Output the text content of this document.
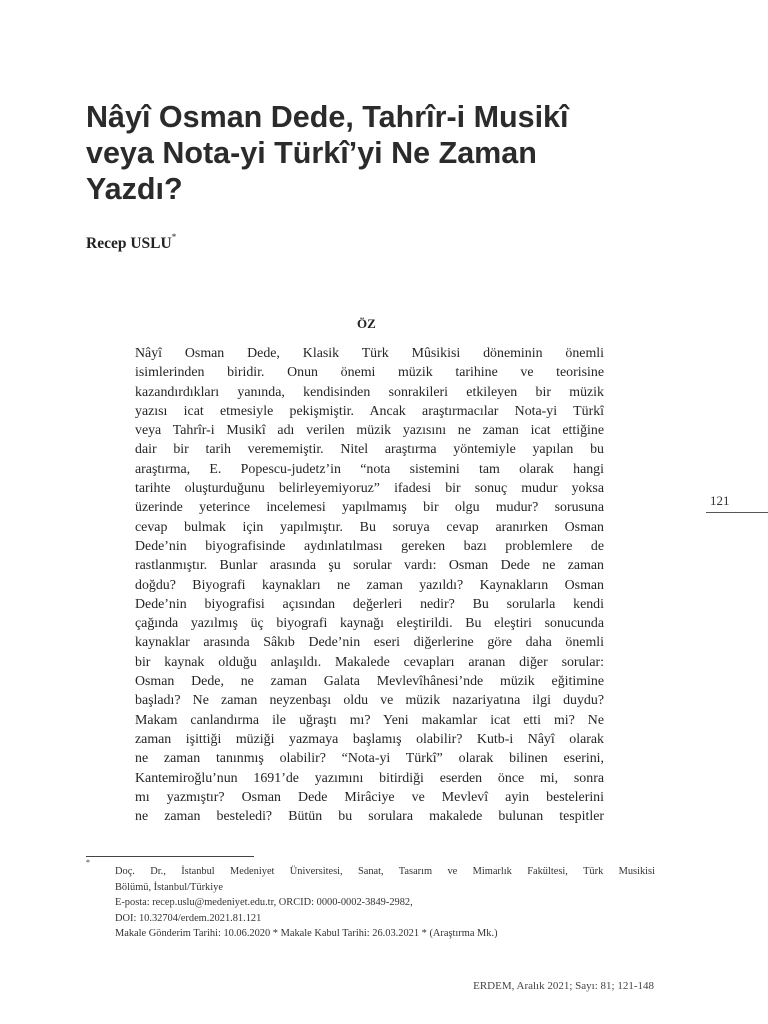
Nâyî Osman Dede, Tahrîr-i Musikî
veya Nota-yi Türkî’yi Ne Zaman
Yazdı?
Recep USLU*
ÖZ
Nâyî Osman Dede, Klasik Türk Mûsikisi döneminin önemli
isimlerinden biridir. Onun önemi müzik tarihine ve teorisine
kazandırdıkları yanında, kendisinden sonrakileri etkileyen bir müzik
yazısı icat etmesiyle pekişmiştir. Ancak araştırmacılar Nota-yi Türkî
veya Tahrîr-i Musikî adı verilen müzik yazısını ne zaman icat ettiğine
dair bir tarih verememiştir. Nitel araştırma yöntemiyle yapılan bu
araştırma, E. Popescu-judetz’in “nota sistemini tam olarak hangi
tarihte oluşturduğunu belirleyemiyoruz” ifadesi bir sonuç mudur yoksa
üzerinde yeterince incelemesi yapılmamış bir olgu mudur? sorusuna
cevap bulmak için yapılmıştır. Bu soruya cevap aranırken Osman
Dede’nin biyografisinde aydınlatılması gereken bazı problemlere de
rastlanmıştır. Bunlar arasında şu sorular vardı: Osman Dede ne zaman
doğdu? Biyografi kaynakları ne zaman yazıldı? Kaynakların Osman
Dede’nin biyografisi açısından değerleri nedir? Bu sorularla kendi
çağında yazılmış üç biyografi kaynağı eleştirildi. Bu eleştiri sonucunda
kaynaklar arasında Sâkıb Dede’nin eseri diğerlerine göre daha önemli
bir kaynak olduğu anlaşıldı. Makalede cevapları aranan diğer sorular:
Osman Dede, ne zaman Galata Mevlevîhânesi’nde müzik eğitimine
başladı? Ne zaman neyzenbaşı oldu ve müzik nazariyatına ilgi duydu?
Makam canlandırma ile uğraştı mı? Yeni makamlar icat etti mi? Ne
zaman işittiği müziği yazmaya başlamış olabilir? Kutb-i Nâyî olarak
ne zaman tanınmış olabilir? “Nota-yi Türkî” olarak bilinen eserini,
Kantemiroğlu’nun 1691’de yazımını bitirdiği eserden önce mi, sonra
mı yazmıştır? Osman Dede Mirâciye ve Mevlevî ayin bestelerini
ne zaman besteledi? Bütün bu sorulara makalede bulunan tespitler
121
*
Doç. Dr., İstanbul Medeniyet Üniversitesi, Sanat, Tasarım ve Mimarlık Fakültesi, Türk Musikisi
Bölümü, İstanbul/Türkiye
E-posta: recep.uslu@medeniyet.edu.tr, ORCID: 0000-0002-3849-2982,
DOI: 10.32704/erdem.2021.81.121
Makale Gönderim Tarihi: 10.06.2020 * Makale Kabul Tarihi: 26.03.2021 * (Araştırma Mk.)
ERDEM, Aralık 2021; Sayı: 81; 121-148
